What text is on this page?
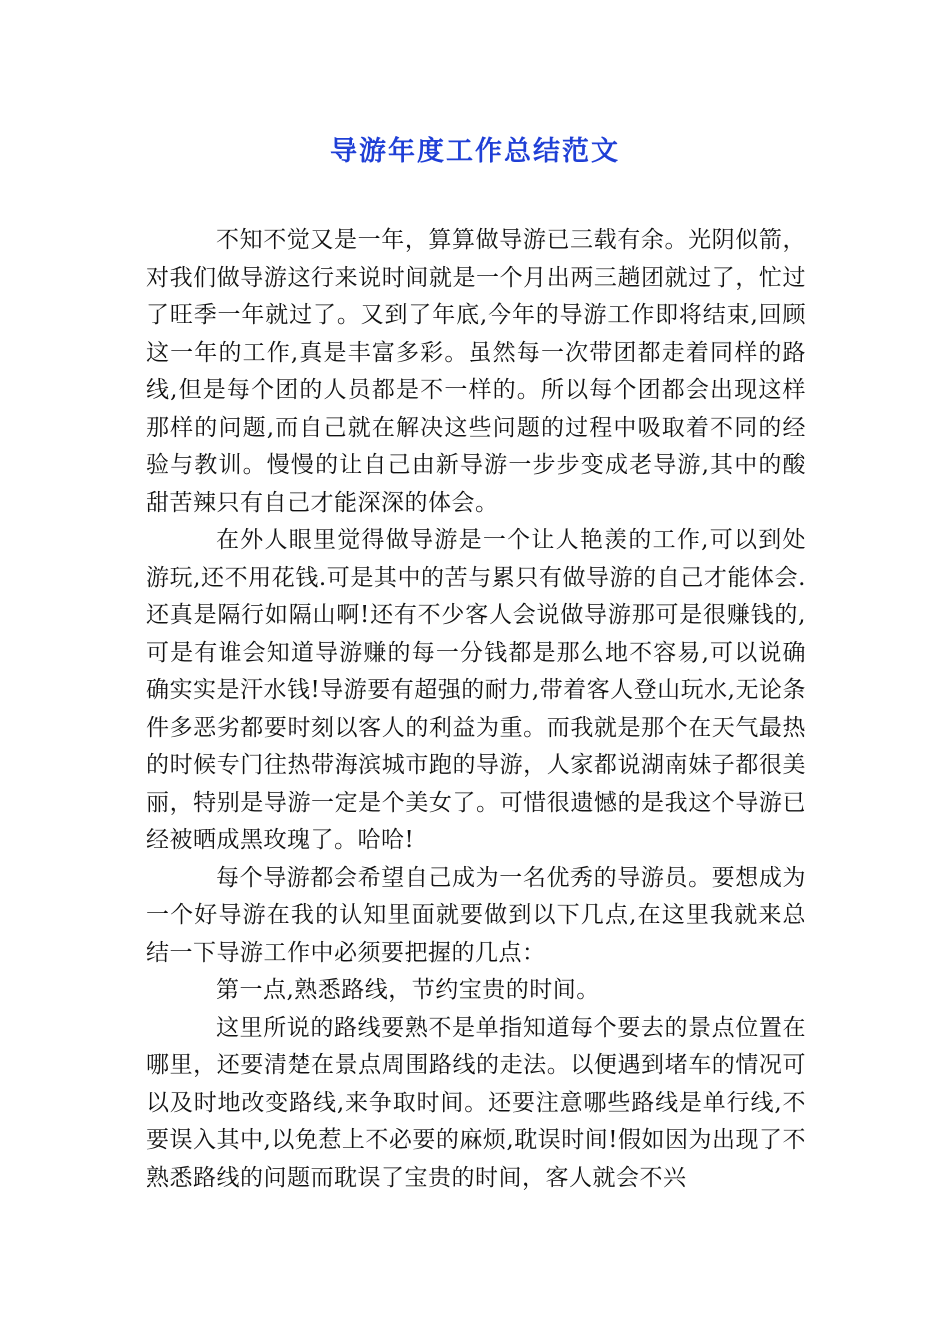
导游年度工作总结范文

不知不觉又是一年，算算做导游已三载有余。光阴似箭，对我们做导游这行来说时间就是一个月出两三趟团就过了，忙过了旺季一年就过了。又到了年底,今年的导游工作即将结束,回顾这一年的工作,真是丰富多彩。虽然每一次带团都走着同样的路线,但是每个团的人员都是不一样的。所以每个团都会出现这样那样的问题,而自己就在解决这些问题的过程中吸取着不同的经验与教训。慢慢的让自己由新导游一步步变成老导游,其中的酸甜苦辣只有自己才能深深的体会。

在外人眼里觉得做导游是一个让人艳羡的工作,可以到处游玩,还不用花钱.可是其中的苦与累只有做导游的自己才能体会.还真是隔行如隔山啊!还有不少客人会说做导游那可是很赚钱的,可是有谁会知道导游赚的每一分钱都是那么地不容易,可以说确确实实是汗水钱!导游要有超强的耐力,带着客人登山玩水,无论条件多恶劣都要时刻以客人的利益为重。而我就是那个在天气最热的时候专门往热带海滨城市跑的导游，人家都说湖南妹子都很美丽，特别是导游一定是个美女了。可惜很遗憾的是我这个导游已经被晒成黑玫瑰了。哈哈!

每个导游都会希望自己成为一名优秀的导游员。要想成为一个好导游在我的认知里面就要做到以下几点,在这里我就来总结一下导游工作中必须要把握的几点：

第一点,熟悉路线，节约宝贵的时间。

这里所说的路线要熟不是单指知道每个要去的景点位置在哪里，还要清楚在景点周围路线的走法。以便遇到堵车的情况可以及时地改变路线,来争取时间。还要注意哪些路线是单行线,不要误入其中,以免惹上不必要的麻烦,耽误时间!假如因为出现了不熟悉路线的问题而耽误了宝贵的时间，客人就会不兴
